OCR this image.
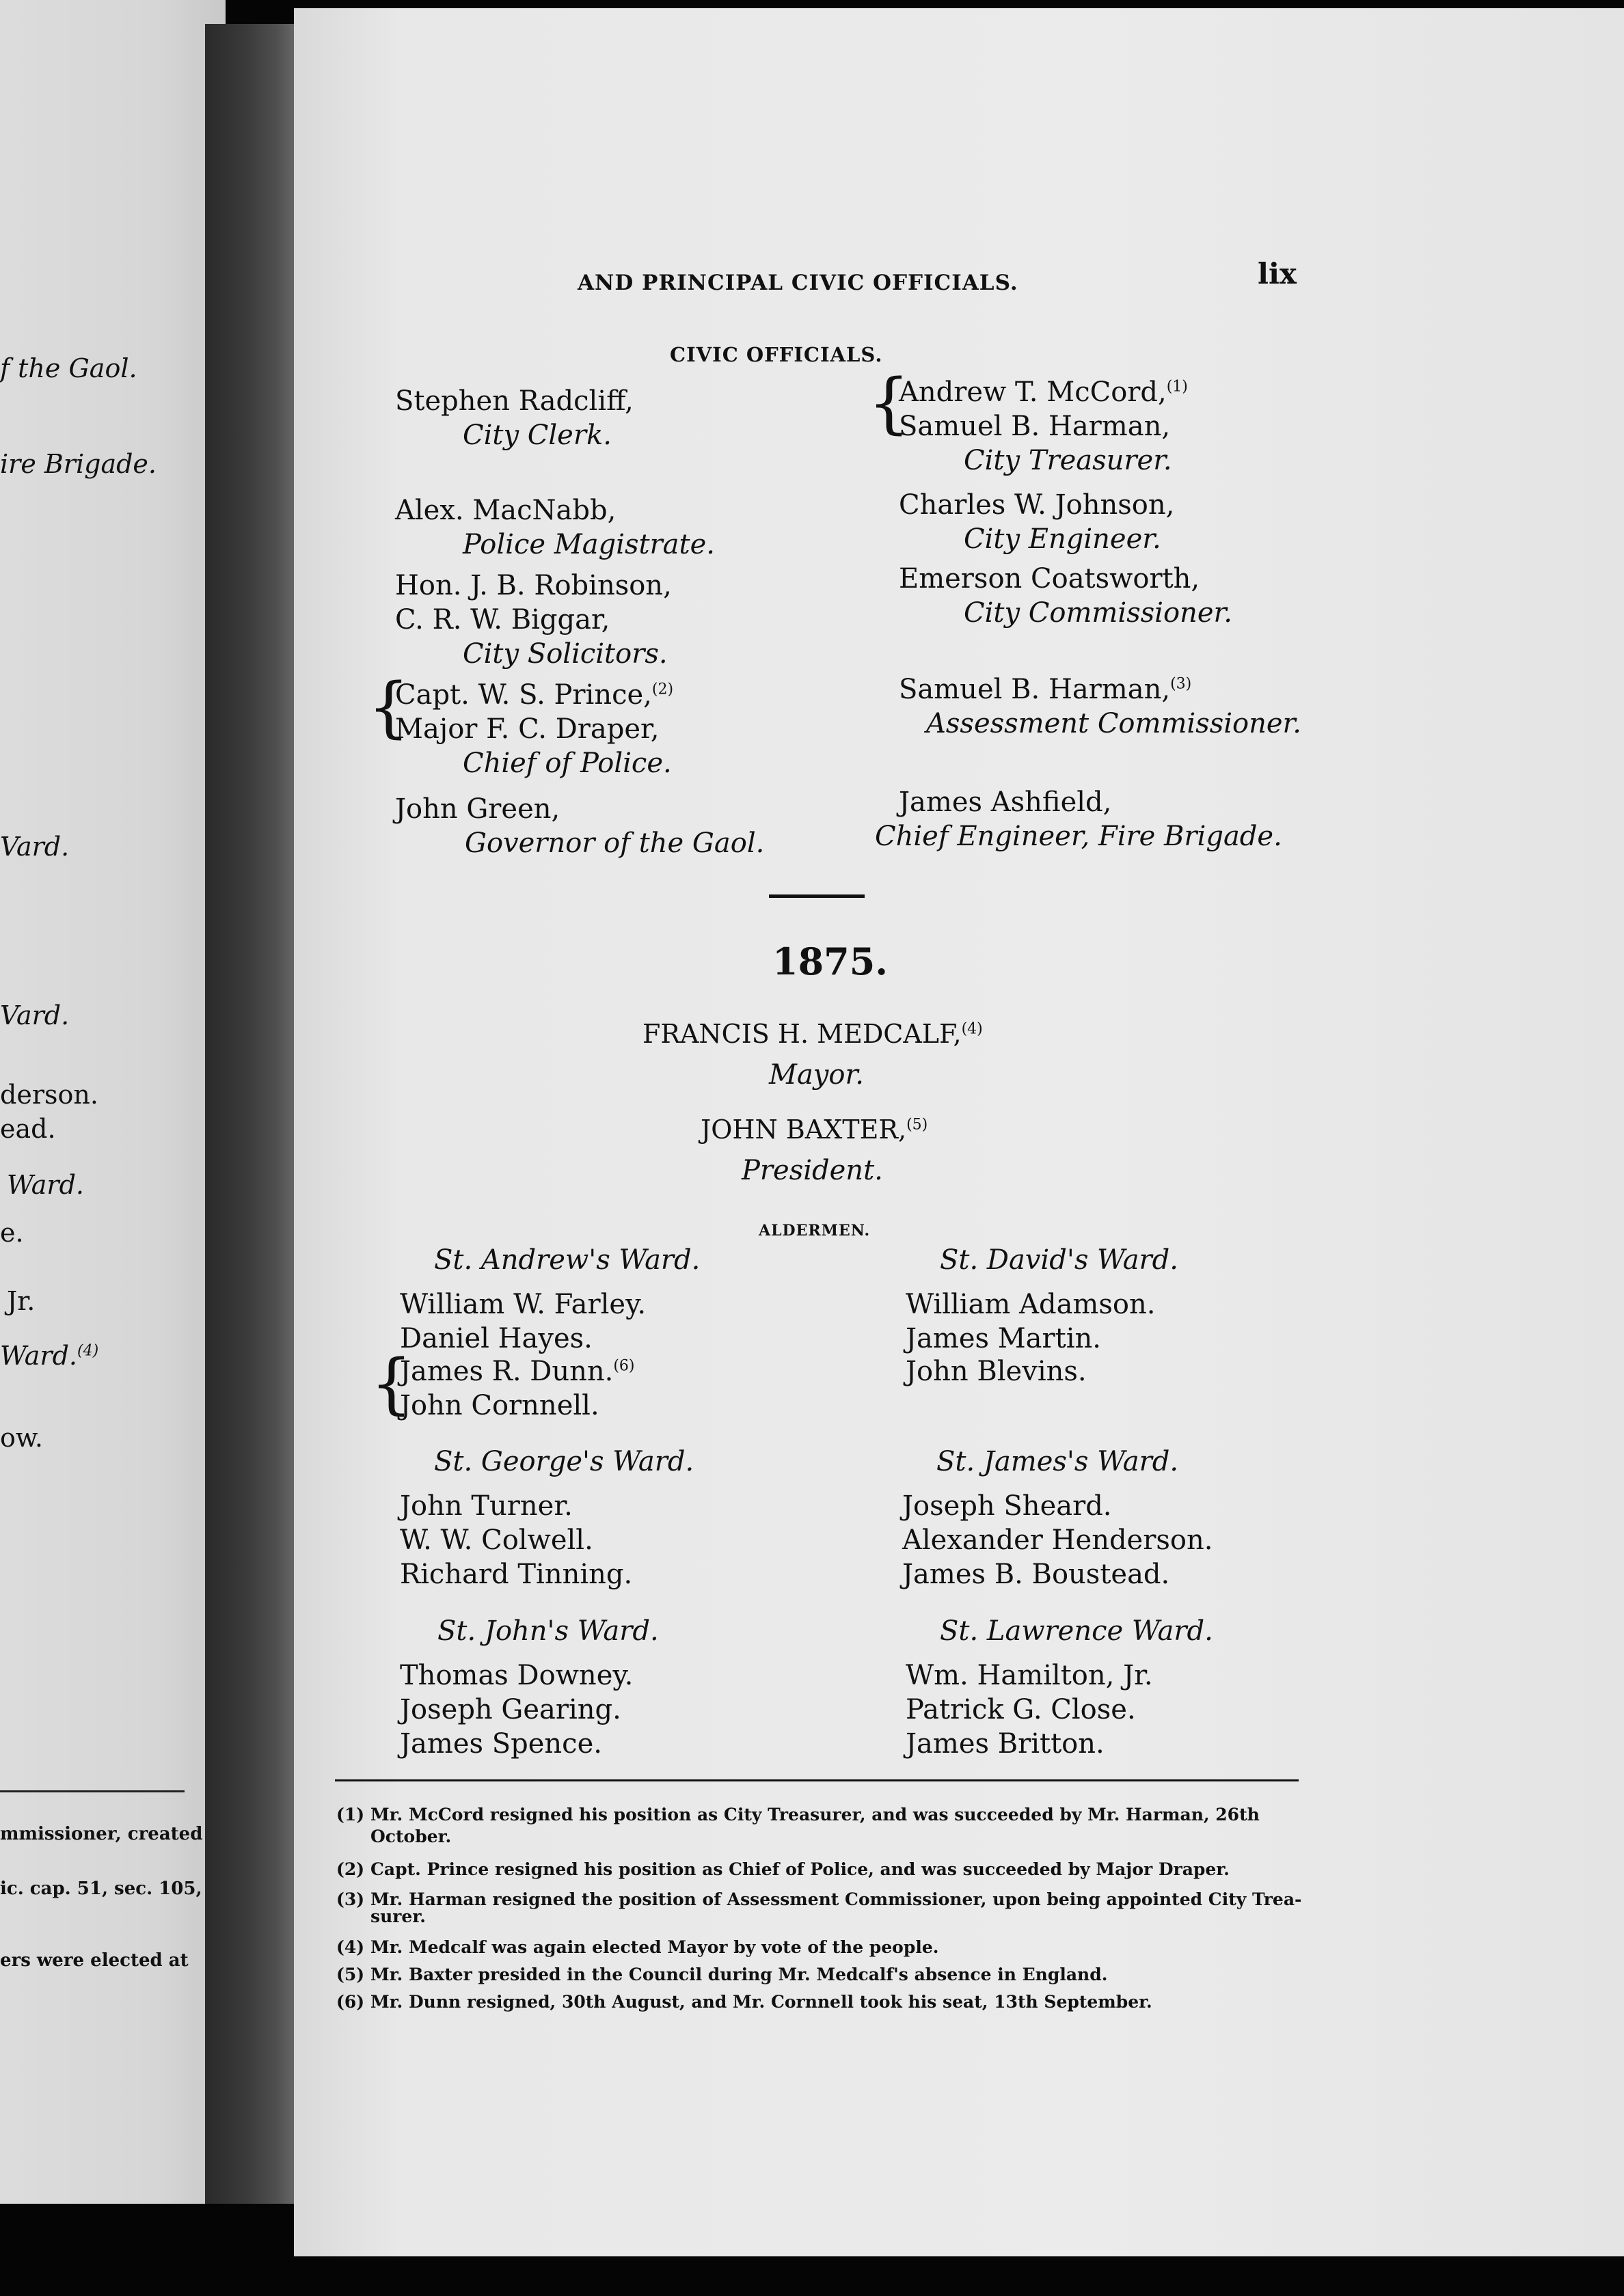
f the Gaol.
ire Brigade.
Vard.
Vard.
derson.
ead.
Ward.
e.
Jr.
Ward.$^{(4)}$
ow.
mmissioner, created
ic. cap. 51, sec. 105,
ers were elected at
AND PRINCIPAL CIVIC OFFICIALS.	lix
CIVIC OFFICIALS.
Stephen Radcliff,
City Clerk.
Alex. MacNabb,
Police Magistrate.
Hon. J. B. Robinson,
C. R. W. Biggar,
City Solicitors.
{
Capt. W. S. Prince,$^{(2)}$
Major F. C. Draper,
Chief of Police.
John Green,
Governor of the Gaol.
{
Andrew T. McCord,$^{(1)}$
Samuel B. Harman,
City Treasurer.
Charles W. Johnson,
City Engineer.
Emerson Coatsworth,
City Commissioner.
Samuel B. Harman,$^{(3)}$
Assessment Commissioner.
James Ashfield,
Chief Engineer, Fire Brigade.
1875.
FRANCIS H. MEDCALF,$^{(4)}$
Mayor.
JOHN BAXTER,$^{(5)}$
President.
ALDERMEN.
St. Andrew's Ward.	St. David's Ward.
William W. Farley.
Daniel Hayes.
{
James R. Dunn.$^{(6)}$
John Cornnell.
William Adamson.
James Martin.
John Blevins.
St. George's Ward.	St. James's Ward.
John Turner.
W. W. Colwell.
Richard Tinning.
Joseph Sheard.
Alexander Henderson.
James B. Boustead.
St. John's Ward.	St. Lawrence Ward.
Thomas Downey.
Joseph Gearing.
James Spence.
Wm. Hamilton, Jr.
Patrick G. Close.
James Britton.
(1) Mr. McCord resigned his position as City Treasurer, and was succeeded by Mr. Harman, 26th
October.
(2) Capt. Prince resigned his position as Chief of Police, and was succeeded by Major Draper.
(3) Mr. Harman resigned the position of Assessment Commissioner, upon being appointed City Trea-
surer.
(4) Mr. Medcalf was again elected Mayor by vote of the people.
(5) Mr. Baxter presided in the Council during Mr. Medcalf's absence in England.
(6) Mr. Dunn resigned, 30th August, and Mr. Cornnell took his seat, 13th September.
